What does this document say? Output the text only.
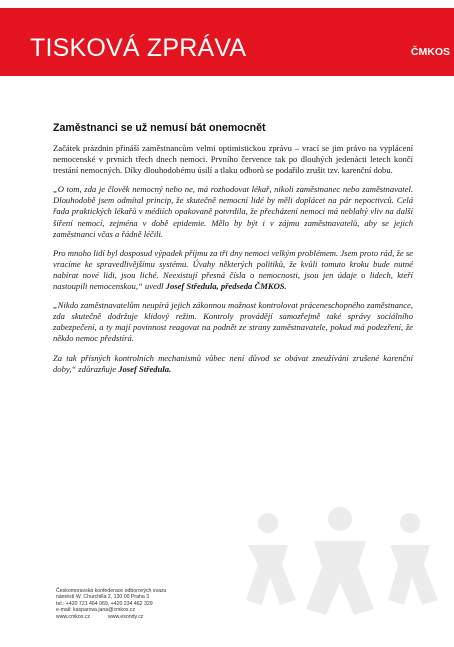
TISKOVÁ ZPRÁVA	ČMKOS
Zaměstnanci se už nemusí bát onemocnět

Začátek prázdnin přináší zaměstnancům velmi optimistickou zprávu – vrací se jim právo na vyplácení nemocenské v prvních třech dnech nemoci. Prvního července tak po dlouhých jedenácti letech končí trestání nemocných. Díky dlouhodobému úsilí a tlaku odborů se podařilo zrušit tzv. karenční dobu.

„O tom, zda je člověk nemocný nebo ne, má rozhodovat lékař, nikoli zaměstnanec nebo zaměstnavatel. Dlouhodobě jsem odmítal princip, že skutečně nemocní lidé by měli doplácet na pár nepoctivců. Celá řada praktických lékařů v médiích opakovaně potvrdila, že přecházení nemoci má neblahý vliv na další šíření nemocí, zejména v době epidemie. Mělo by být i v zájmu zaměstnavatelů, aby se jejich zaměstnanci včas a řádně léčili.

Pro mnoho lidí byl dosposud výpadek příjmu za tři dny nemoci velkým problémem. Jsem proto rád, že se vracíme ke spravedlivějšímu systému. Úvahy některých politiků, že kvůli tomuto kroku bude nutné nabírat nové lidi, jsou liché. Neexistují přesná čísla o nemocnosti, jsou jen údaje o lidech, kteří nastoupili nemocenskou,“ uvedl Josef Středula, předseda ČMKOS.

„Nikdo zaměstnavatelům neupírá jejich zákonnou možnost kontrolovat práceneschopného zaměstnance, zda skutečně dodržuje klidový režim. Kontroly provádějí samozřejmě také správy sociálního zabezpečení, a ty mají povinnost reagovat na podnět ze strany zaměstnavatele, pokud má podezření, že někdo nemoc předstírá.

Za tak přísných kontrolních mechanismů vůbec není důvod se obávat zneužívání zrušené karenční doby,“ zdůrazňuje Josef Středula.

Českomoravská konfederace odborových svazu
náměstí W. Churchilla 2, 130 00 Praha 3
tel.: +420 721 464 069, +420 234 462 329
e-mail: kasparova.jana@cmkos.cz
www.cmkos.cz	www.esondy.cz
